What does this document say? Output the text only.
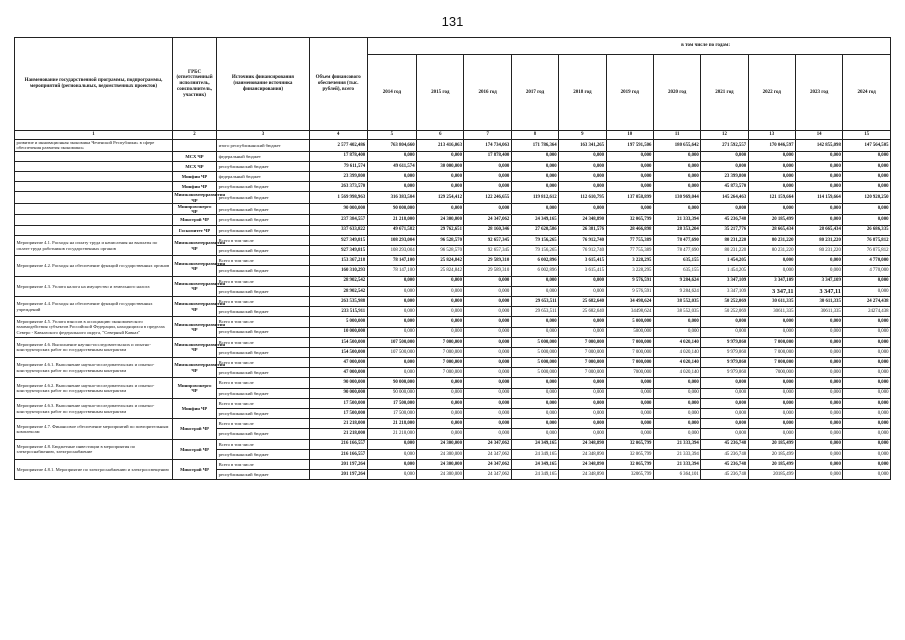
131
Наименование государственной программы, подпрограммы, мероприятий (региональных, ведомственных проектов)	ГРБС (ответственный исполнитель, соисполнитель, участник)	Источник финансирования (наименование источника финансирования)	Объем финансового обеспечения (тыс. рублей), всего	в том числе по годам:										
				2014 год	2015 год	2016 год	2017 год	2018 год	2019 год	2020 год	2021 год	2022 год	2023 год	2024 год
1	2	3	4	5	6	7	8	9	10	11	12	13	14	15
развитие и инновационная экономика Чеченской Республики» в сфере обеспечения развития экономики»		итого республиканский бюджет	2 577 402,486	763 804,660	213 416,063	174 734,063	171 786,364	163 341,265	197 591,506	180 655,642	271 592,557	170 046,597	142 855,098	147 564,505
	МСХ ЧР	федеральный бюджет	17 878,400	0,000	0,000	17 878,400	0,000	0,000	0,000	0,000	0,000	0,000	0,000	0,000
	МСХ ЧР	республиканский бюджет	79 611,574	49 611,574	30 000,000	0,000	0,000	0,000	0,000	0,000	0,000	0,000	0,000	0,000
	Минфин ЧР	федеральный бюджет	23 399,800	0,000	0,000	0,000	0,000	0,000	0,000	0,000	23 399,800	0,000	0,000	0,000
	Минфин ЧР	республиканский бюджет	263 373,570	0,000	0,000	0,000	0,000	0,000	0,000	0,000	45 873,570	0,000	0,000	0,000
	Минэкономтерразвития ЧР	республиканский бюджет	1 569 998,963	316 383,504	129 254,412	122 246,655	119 812,612	112 610,795	137 058,899	130 969,044	145 264,463	121 159,664	114 159,664	120 920,250
	Минпромэнерго ЧР	республиканский бюджет	90 000,000	90 000,000	0,000	0,000	0,000	0,000	0,000	0,000	0,000	0,000	0,000	0,000
	Минстрой ЧР	республиканский бюджет	237 384,557	21 218,000	24 300,000	24 347,062	24 349,165	24 348,890	32 065,799	21 333,394	45 236,748	20 185,499	0,000	0,000
	Госкомитет ЧР	республиканский бюджет	337 633,822	49 671,582	29 762,651	28 160,346	27 620,586	26 381,576	28 466,898	28 353,204	35 217,776	28 665,434	28 665,434	26 686,335
Мероприятие 4.1. Расходы на оплату труда и начисления на выплаты по оплате труда работников государственных органов	Минэкономтерразвития ЧР	Всего в том числе	927 349,815	108 293,004	96 528,570	92 657,345	79 156,265	76 912,740	77 755,389	78 477,690	80 231,220	80 231,220	80 231,220	76 875,812
		республиканский бюджет	927 349,815	108 293,004	96 528,570	92 657,345	79 156,265	76 912,740	77 755,389	78 477,690	80 231,220	80 231,220	80 231,220	76 875,812
Мероприятие 4.2. Расходы на обеспечение функций государственных органов	Минэкономтерразвития ЧР	Всего в том числе	153 367,218	78 147,100	25 824,842	29 589,310	6 002,896	3 615,415	3 228,295	635,155	1 454,205	0,000	0,000	4 770,000
		республиканский бюджет	160 310,293	78 147,100	25 824,842	29 589,310	6 002,896	3 615,415	3 228,295	635,155	1 454,205	0,000	0,000	4 770,000
Мероприятие 4.3. Уплата налога на имущество и земельного налога	Минэкономтерразвития ЧР	Всего в том числе	28 902,542	0,000	0,000	0,000	0,000	0,000	9 576,591	9 284,624	3 347,109	3 347,109	3 347,109	0,000
		республиканский бюджет	28 902,542	0,000	0,000	0,000	0,000	0,000	9 576,591	9 284,624	3 347,109	3 347,11	3 347,11	0,000
Мероприятие 4.4. Расходы на обеспечение функций государственных учреждений	Минэкономтерразвития ЧР	Всего в том числе	263 535,988	0,000	0,000	0,000	29 653,511	25 682,640	34 498,624	38 552,035	50 252,069	30 611,335	30 611,335	24 274,438
		республиканский бюджет	233 515,911	0,000	0,000	0,000	29 653,511	25 682,640	34498,624	38 552,035	50 252,069	30611,335	30611,335	24274,438
Мероприятие 4.5. Уплата взносов в ассоциацию экономического взаимодействия субъектов Российской Федерации, находящихся в пределах Северо - Кавказского федерального округа, "Северный Кавказ"	Минэкономтерразвития ЧР	Всего в том числе	5 000,000	0,000	0,000	0,000	0,000	0,000	5 000,000	0,000	0,000	0,000	0,000	0,000
		республиканский бюджет	10 000,000	0,000	0,000	0,000	0,000	0,000	5000,000	0,000	0,000	0,000	0,000	0,000
Мероприятие 4.6. Выполнение научно-исследовательских и опытно-конструкторских работ по государственным контрактам	Минэкономтерразвития ЧР	Всего в том числе	154 500,000	107 500,000	7 000,000	0,000	5 000,000	7 000,000	7 000,000	4 020,140	9 979,860	7 000,000	0,000	0,000
		республиканский бюджет	154 500,000	107 500,000	7 000,000	0,000	5 000,000	7 000,000	7 000,000	4 020,140	9 979,860	7 000,000	0,000	0,000
Мероприятие 4.6.1. Выполнение научно-исследовательских и опытно-конструкторских работ по государственным контрактам	Минэкономтерразвития ЧР	Всего в том числе	47 000,000	0,000	7 000,000	0,000	5 000,000	7 000,000	7 000,000	4 020,140	9 979,860	7 000,000	0,000	0,000
		республиканский бюджет	47 000,000	0,000	7 000,000	0,000	5 000,000	7 000,000	7000,000	4 020,140	9 979,860	7000,000	0,000	0,000
Мероприятие 4.6.2. Выполнение научно-исследовательских и опытно-конструкторских работ по государственным контрактам	Минпромэнерго ЧР	Всего в том числе	90 000,000	90 000,000	0,000	0,000	0,000	0,000	0,000	0,000	0,000	0,000	0,000	0,000
		республиканский бюджет	90 000,000	90 000,000	0,000	0,000	0,000	0,000	0,000	0,000	0,000	0,000	0,000	0,000
Мероприятие 4.6.3. Выполнение научно-исследовательских и опытно-конструкторских работ по государственным контрактам	Минфин ЧР	Всего в том числе	17 500,000	17 500,000	0,000	0,000	0,000	0,000	0,000	0,000	0,000	0,000	0,000	0,000
		республиканский бюджет	17 500,000	17 500,000	0,000	0,000	0,000	0,000	0,000	0,000	0,000	0,000	0,000	0,000
Мероприятие 4.7. Финансовое обеспечение мероприятий по повторительным комплексам	Минстрой ЧР	Всего в том числе	21 218,000	21 218,000	0,000	0,000	0,000	0,000	0,000	0,000	0,000	0,000	0,000	0,000
		республиканский бюджет	21 218,000	21 218,000	0,000	0,000	0,000	0,000	0,000	0,000	0,000	0,000	0,000	0,000
Мероприятие 4.8. Бюджетные инвестиции в мероприятия по электроснабжению, электроснабжение	Минстрой ЧР	Всего в том числе	216 166,557	0,000	24 300,000	24 347,062	24 349,165	24 348,890	32 065,799	21 333,394	45 236,748	20 185,499	0,000	0,000
		республиканский бюджет	216 166,557	0,000	24 300,000	24 347,062	24 349,165	24 348,890	32 065,799	21 333,394	45 236,748	20 185,499	0,000	0,000
Мероприятие 4.8.1. Мероприятие по электроснабжению и электроосвещению	Минстрой ЧР	Всего в том числе	201 197,264	0,000	24 300,000	24 347,062	24 349,165	24 348,890	32 065,799	21 333,394	45 236,748	20 185,499	0,000	0,000
		республиканский бюджет	201 197,264	0,000	24 300,000	24 347,062	24 349,165	24 348,890	32065,799	6 364,101	45 236,748	20185,499	0,000	0,000
